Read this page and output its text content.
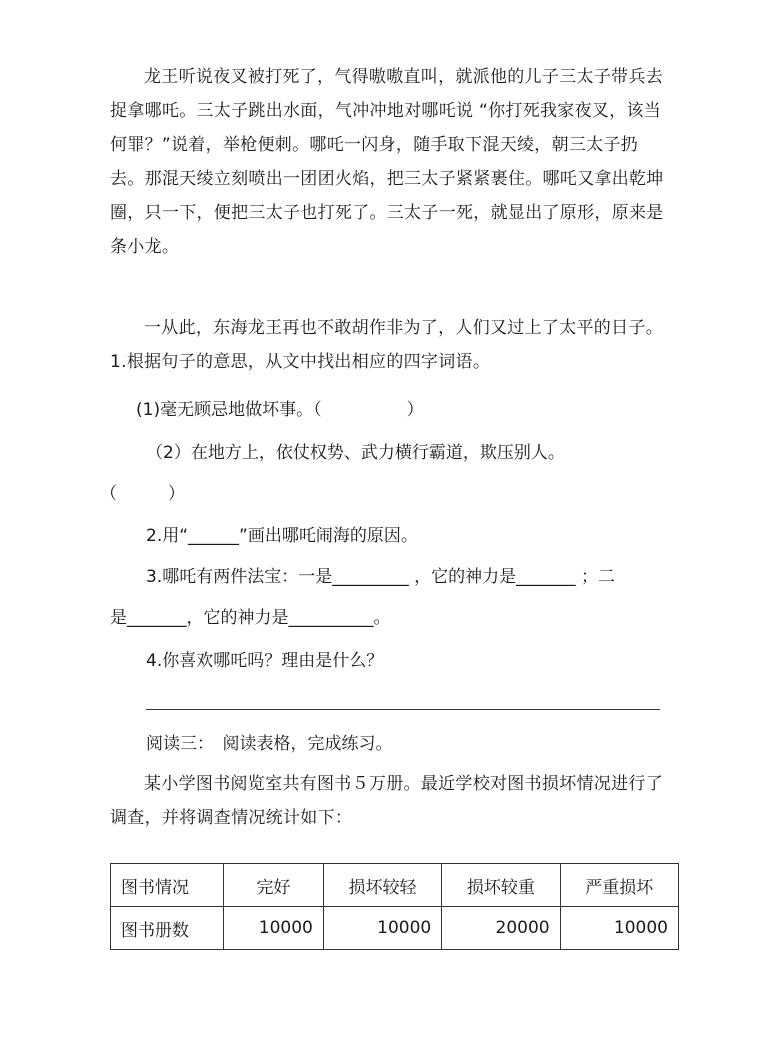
龙王听说夜叉被打死了，气得嗷嗷直叫，就派他的儿子三太子带兵去捉拿哪吒。三太子跳出水面，气冲冲地对哪吒说 “你打死我家夜叉，该当何罪？”说着，举枪便刺。哪吒一闪身，随手取下混天绫，朝三太子扔去。那混天绫立刻喷出一团团火焰，把三太子紧紧裹住。哪吒又拿出乾坤圈，只一下，便把三太子也打死了。三太子一死，就显出了原形，原来是条小龙。
一从此，东海龙王再也不敢胡作非为了，人们又过上了太平的日子。　　　1.根据句子的意思，从文中找出相应的四字词语。
(1)毫无顾忌地做坏事。（　　　　　）
（2）在地方上，依仗权势、武力横行霸道，欺压别人。
（　　　）
2.用“______”画出哪吒闹海的原因。
3.哪吒有两件法宝：一是_________ ，它的神力是_______ ；二
是_______，它的神力是__________。
4.你喜欢哪吒吗？理由是什么？
阅读三：　阅读表格，完成练习。
某小学图书阅览室共有图书５万册。最近学校对图书损坏情况进行了调查，并将调查情况统计如下：
图书情况	完好	损坏较轻	损坏较重	严重损坏
图书册数	10000	10000	20000	10000
